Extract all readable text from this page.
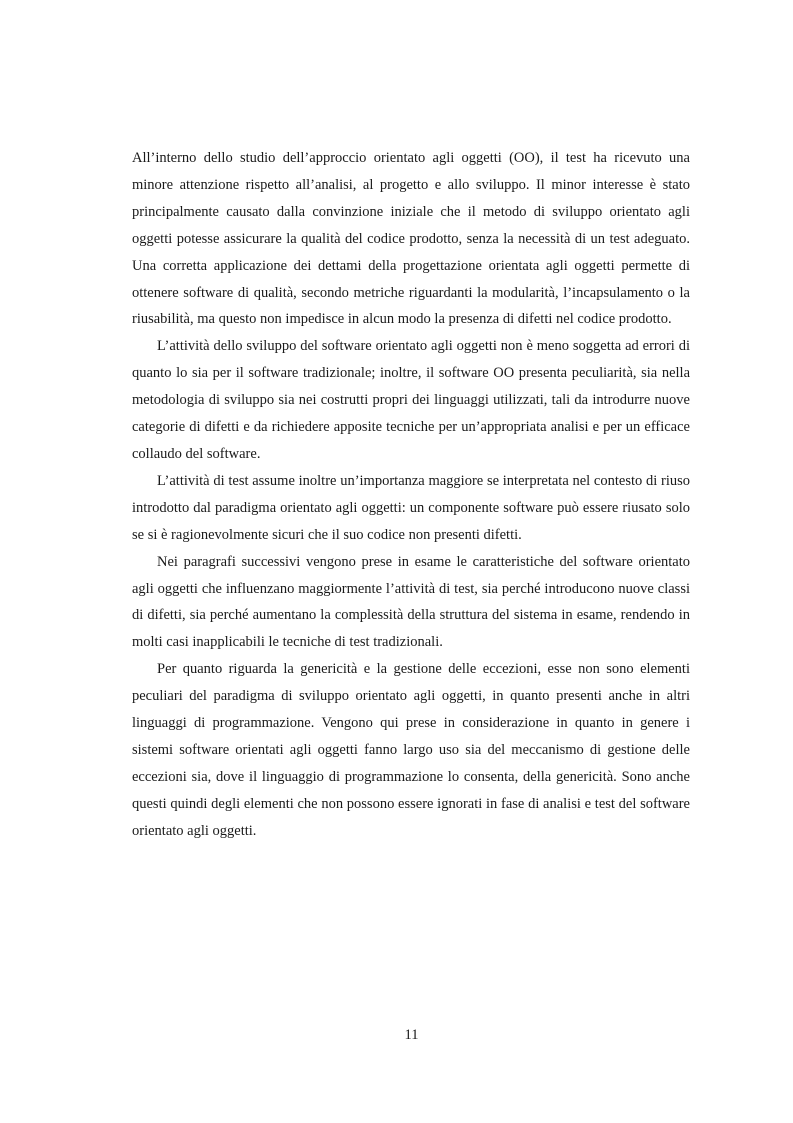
All’interno dello studio dell’approccio orientato agli oggetti (OO), il test ha ricevuto una minore attenzione rispetto all’analisi, al progetto e allo sviluppo. Il minor interesse è stato principalmente causato dalla convinzione iniziale che il metodo di sviluppo orientato agli oggetti potesse assicurare la qualità del codice prodotto, senza la necessità di un test adeguato. Una corretta applicazione dei dettami della progettazione orientata agli oggetti permette di ottenere software di qualità, secondo metriche riguardanti la modularità, l’incapsulamento o la riusabilità, ma questo non impedisce in alcun modo la presenza di difetti nel codice prodotto.

L’attività dello sviluppo del software orientato agli oggetti non è meno soggetta ad errori di quanto lo sia per il software tradizionale; inoltre, il software OO presenta peculiarità, sia nella metodologia di sviluppo sia nei costrutti propri dei linguaggi utilizzati, tali da introdurre nuove categorie di difetti e da richiedere apposite tecniche per un’appropriata analisi e per un efficace collaudo del software.

L’attività di test assume inoltre un’importanza maggiore se interpretata nel contesto di riuso introdotto dal paradigma orientato agli oggetti: un componente software può essere riusato solo se si è ragionevolmente sicuri che il suo codice non presenti difetti.

Nei paragrafi successivi vengono prese in esame le caratteristiche del software orientato agli oggetti che influenzano maggiormente l’attività di test, sia perché introducono nuove classi di difetti, sia perché aumentano la complessità della struttura del sistema in esame, rendendo in molti casi inapplicabili le tecniche di test tradizionali.

Per quanto riguarda la genericità e la gestione delle eccezioni, esse non sono elementi peculiari del paradigma di sviluppo orientato agli oggetti, in quanto presenti anche in altri linguaggi di programmazione. Vengono qui prese in considerazione in quanto in genere i sistemi software orientati agli oggetti fanno largo uso sia del meccanismo di gestione delle eccezioni sia, dove il linguaggio di programmazione lo consenta, della genericità. Sono anche questi quindi degli elementi che non possono essere ignorati in fase di analisi e test del software orientato agli oggetti.

11
